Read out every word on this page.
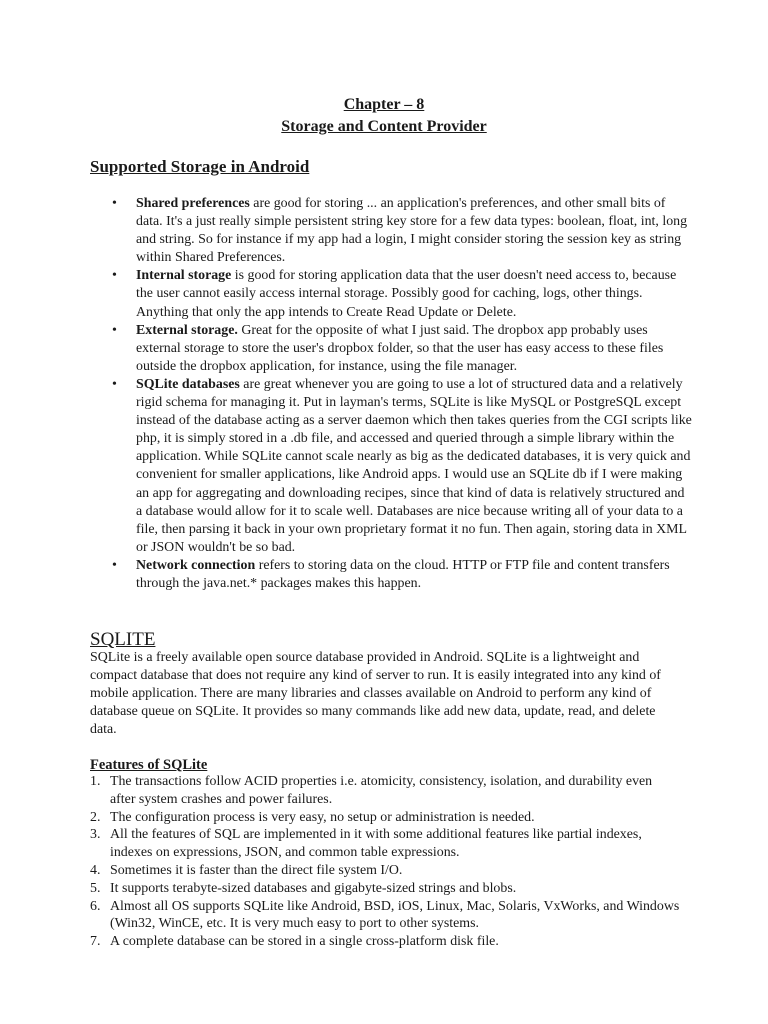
Chapter – 8
Storage and Content Provider
Supported Storage in Android
• Shared preferences are good for storing ... an application's preferences, and other small bits of data. It's a just really simple persistent string key store for a few data types: boolean, float, int, long and string. So for instance if my app had a login, I might consider storing the session key as string within Shared Preferences.
• Internal storage is good for storing application data that the user doesn't need access to, because the user cannot easily access internal storage. Possibly good for caching, logs, other things. Anything that only the app intends to Create Read Update or Delete.
• External storage. Great for the opposite of what I just said. The dropbox app probably uses external storage to store the user's dropbox folder, so that the user has easy access to these files outside the dropbox application, for instance, using the file manager.
• SQLite databases are great whenever you are going to use a lot of structured data and a relatively rigid schema for managing it. Put in layman's terms, SQLite is like MySQL or PostgreSQL except instead of the database acting as a server daemon which then takes queries from the CGI scripts like php, it is simply stored in a .db file, and accessed and queried through a simple library within the application. While SQLite cannot scale nearly as big as the dedicated databases, it is very quick and convenient for smaller applications, like Android apps. I would use an SQLite db if I were making an app for aggregating and downloading recipes, since that kind of data is relatively structured and a database would allow for it to scale well. Databases are nice because writing all of your data to a file, then parsing it back in your own proprietary format it no fun. Then again, storing data in XML or JSON wouldn't be so bad.
• Network connection refers to storing data on the cloud. HTTP or FTP file and content transfers through the java.net.* packages makes this happen.
SQLITE

SQLite is a freely available open source database provided in Android. SQLite is a lightweight and compact database that does not require any kind of server to run. It is easily integrated into any kind of mobile application. There are many libraries and classes available on Android to perform any kind of database queue on SQLite. It provides so many commands like add new data, update, read, and delete data.

Features of SQLite
1. The transactions follow ACID properties i.e. atomicity, consistency, isolation, and durability even after system crashes and power failures.
2. The configuration process is very easy, no setup or administration is needed.
3. All the features of SQL are implemented in it with some additional features like partial indexes, indexes on expressions, JSON, and common table expressions.
4. Sometimes it is faster than the direct file system I/O.
5. It supports terabyte-sized databases and gigabyte-sized strings and blobs.
6. Almost all OS supports SQLite like Android, BSD, iOS, Linux, Mac, Solaris, VxWorks, and Windows (Win32, WinCE, etc. It is very much easy to port to other systems.
7. A complete database can be stored in a single cross-platform disk file.
